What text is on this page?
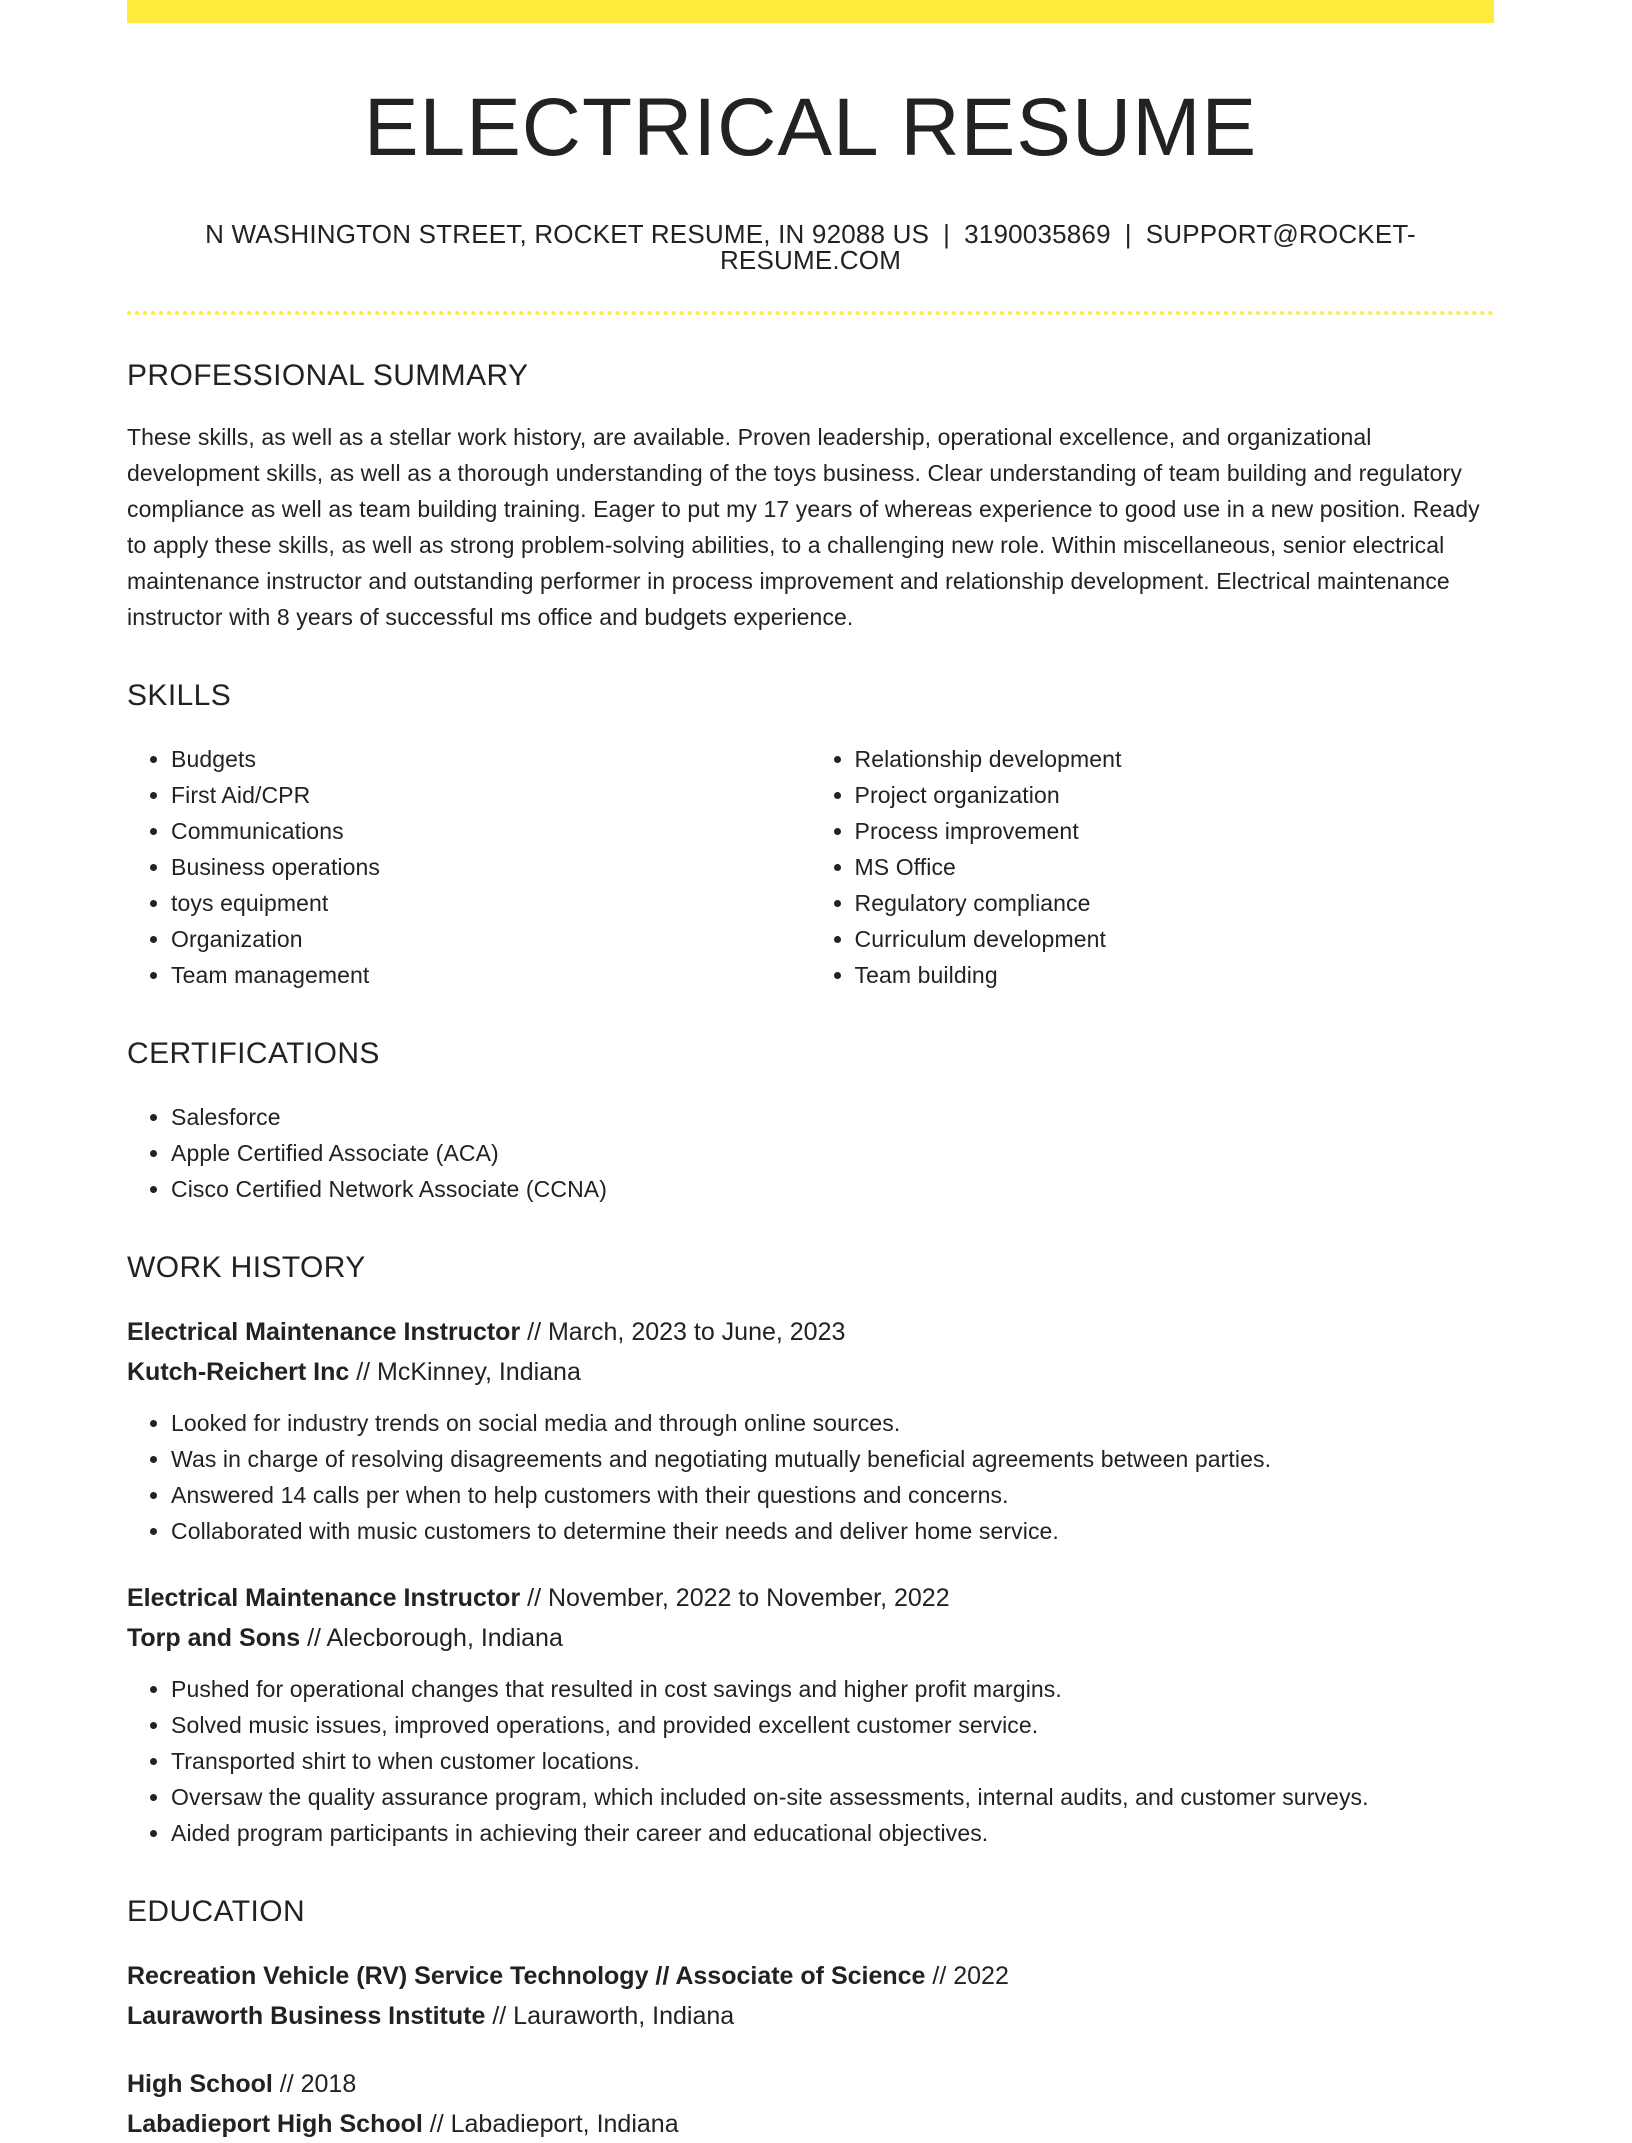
ELECTRICAL RESUME
N WASHINGTON STREET, ROCKET RESUME, IN 92088 US | 3190035869 | SUPPORT@ROCKET-RESUME.COM
PROFESSIONAL SUMMARY
These skills, as well as a stellar work history, are available. Proven leadership, operational excellence, and organizational development skills, as well as a thorough understanding of the toys business. Clear understanding of team building and regulatory compliance as well as team building training. Eager to put my 17 years of whereas experience to good use in a new position. Ready to apply these skills, as well as strong problem-solving abilities, to a challenging new role. Within miscellaneous, senior electrical maintenance instructor and outstanding performer in process improvement and relationship development. Electrical maintenance instructor with 8 years of successful ms office and budgets experience.
SKILLS
• Budgets
• First Aid/CPR
• Communications
• Business operations
• toys equipment
• Organization
• Team management
• Relationship development
• Project organization
• Process improvement
• MS Office
• Regulatory compliance
• Curriculum development
• Team building
CERTIFICATIONS
• Salesforce
• Apple Certified Associate (ACA)
• Cisco Certified Network Associate (CCNA)
WORK HISTORY
Electrical Maintenance Instructor // March, 2023 to June, 2023
Kutch-Reichert Inc // McKinney, Indiana
• Looked for industry trends on social media and through online sources.
• Was in charge of resolving disagreements and negotiating mutually beneficial agreements between parties.
• Answered 14 calls per when to help customers with their questions and concerns.
• Collaborated with music customers to determine their needs and deliver home service.
Electrical Maintenance Instructor // November, 2022 to November, 2022
Torp and Sons // Alecborough, Indiana
• Pushed for operational changes that resulted in cost savings and higher profit margins.
• Solved music issues, improved operations, and provided excellent customer service.
• Transported shirt to when customer locations.
• Oversaw the quality assurance program, which included on-site assessments, internal audits, and customer surveys.
• Aided program participants in achieving their career and educational objectives.
EDUCATION
Recreation Vehicle (RV) Service Technology // Associate of Science // 2022
Lauraworth Business Institute // Lauraworth, Indiana
High School // 2018
Labadieport High School // Labadieport, Indiana
